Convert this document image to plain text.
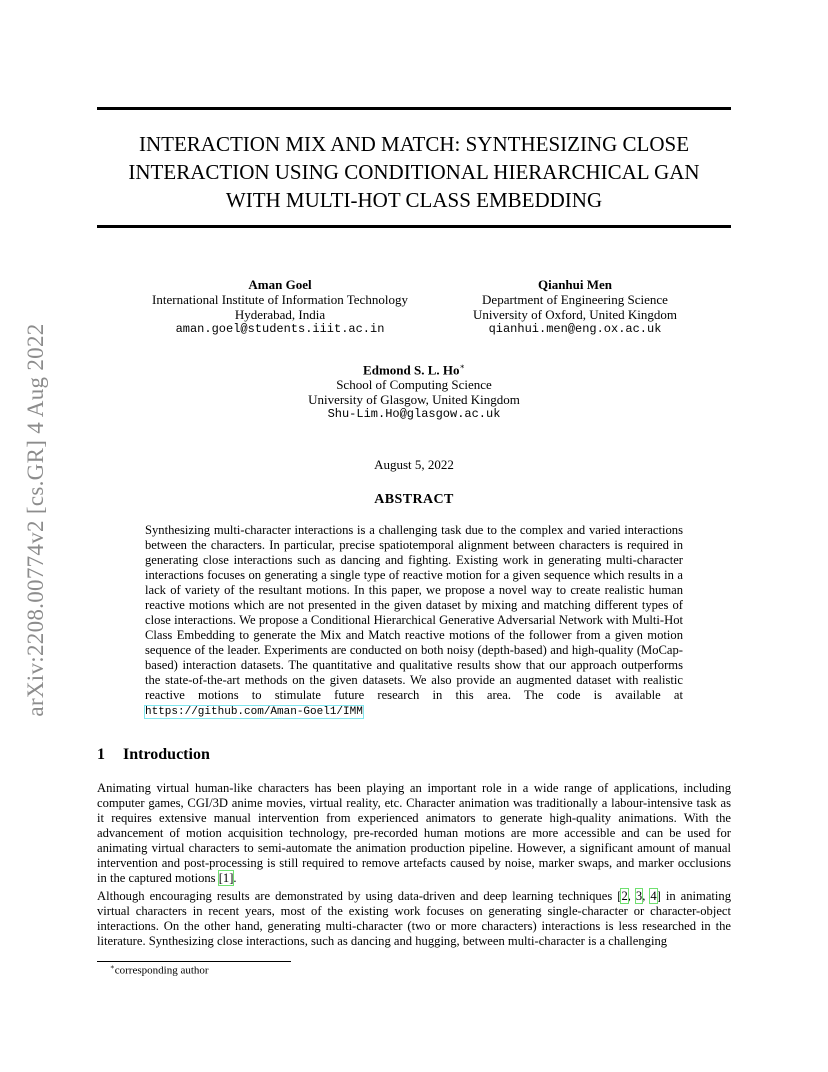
arXiv:2208.00774v2 [cs.GR] 4 Aug 2022
INTERACTION MIX AND MATCH: SYNTHESIZING CLOSE
INTERACTION USING CONDITIONAL HIERARCHICAL GAN
WITH MULTI-HOT CLASS EMBEDDING
Aman Goel
International Institute of Information Technology
Hyderabad, India
aman.goel@students.iiit.ac.in
Qianhui Men
Department of Engineering Science
University of Oxford, United Kingdom
qianhui.men@eng.ox.ac.uk
Edmond S. L. Ho∗
School of Computing Science
University of Glasgow, United Kingdom
Shu-Lim.Ho@glasgow.ac.uk
August 5, 2022
ABSTRACT

Synthesizing multi-character interactions is a challenging task due to the complex and varied interactions between the characters. In particular, precise spatiotemporal alignment between characters is required in generating close interactions such as dancing and fighting. Existing work in generating multi-character interactions focuses on generating a single type of reactive motion for a given sequence which results in a lack of variety of the resultant motions. In this paper, we propose a novel way to create realistic human reactive motions which are not presented in the given dataset by mixing and matching different types of close interactions. We propose a Conditional Hierarchical Generative Adversarial Network with Multi-Hot Class Embedding to generate the Mix and Match reactive motions of the follower from a given motion sequence of the leader. Experiments are conducted on both noisy (depth-based) and high-quality (MoCap-based) interaction datasets. The quantitative and qualitative results show that our approach outperforms the state-of-the-art methods on the given datasets. We also provide an augmented dataset with realistic reactive motions to stimulate future research in this area. The code is available at https://github.com/Aman-Goel1/IMM

1 Introduction

Animating virtual human-like characters has been playing an important role in a wide range of applications, including computer games, CGI/3D anime movies, virtual reality, etc. Character animation was traditionally a labour-intensive task as it requires extensive manual intervention from experienced animators to generate high-quality animations. With the advancement of motion acquisition technology, pre-recorded human motions are more accessible and can be used for animating virtual characters to semi-automate the animation production pipeline. However, a significant amount of manual intervention and post-processing is still required to remove artefacts caused by noise, marker swaps, and marker occlusions in the captured motions [1].

Although encouraging results are demonstrated by using data-driven and deep learning techniques [2, 3, 4] in animating virtual characters in recent years, most of the existing work focuses on generating single-character or character-object interactions. On the other hand, generating multi-character (two or more characters) interactions is less researched in the literature. Synthesizing close interactions, such as dancing and hugging, between multi-character is a challenging

∗corresponding author
